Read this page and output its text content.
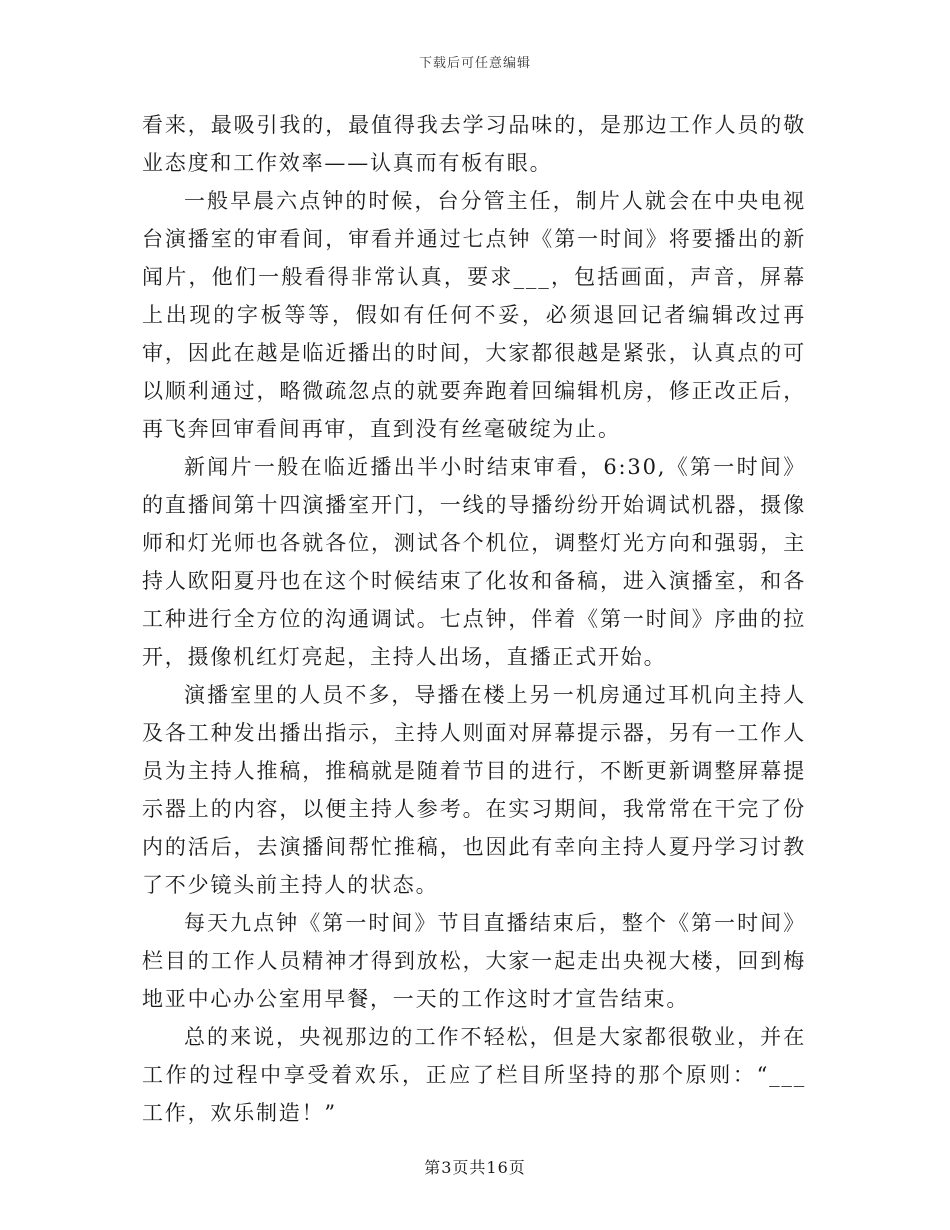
下载后可任意编辑

看来，最吸引我的，最值得我去学习品味的，是那边工作人员的敬业态度和工作效率——认真而有板有眼。

一般早晨六点钟的时候，台分管主任，制片人就会在中央电视台演播室的审看间，审看并通过七点钟《第一时间》将要播出的新闻片，他们一般看得非常认真，要求___，包括画面，声音，屏幕上出现的字板等等，假如有任何不妥，必须退回记者编辑改过再审，因此在越是临近播出的时间，大家都很越是紧张，认真点的可以顺利通过，略微疏忽点的就要奔跑着回编辑机房，修正改正后，再飞奔回审看间再审，直到没有丝毫破绽为止。

新闻片一般在临近播出半小时结束审看，6:30,《第一时间》的直播间第十四演播室开门，一线的导播纷纷开始调试机器，摄像师和灯光师也各就各位，测试各个机位，调整灯光方向和强弱，主持人欧阳夏丹也在这个时候结束了化妆和备稿，进入演播室，和各工种进行全方位的沟通调试。七点钟，伴着《第一时间》序曲的拉开，摄像机红灯亮起，主持人出场，直播正式开始。

演播室里的人员不多，导播在楼上另一机房通过耳机向主持人及各工种发出播出指示，主持人则面对屏幕提示器，另有一工作人员为主持人推稿，推稿就是随着节目的进行，不断更新调整屏幕提示器上的内容，以便主持人参考。在实习期间，我常常在干完了份内的活后，去演播间帮忙推稿，也因此有幸向主持人夏丹学习讨教了不少镜头前主持人的状态。

每天九点钟《第一时间》节目直播结束后，整个《第一时间》栏目的工作人员精神才得到放松，大家一起走出央视大楼，回到梅地亚中心办公室用早餐，一天的工作这时才宣告结束。

总的来说，央视那边的工作不轻松，但是大家都很敬业，并在工作的过程中享受着欢乐，正应了栏目所坚持的那个原则：“___工作，欢乐制造！”

第3页共16页
